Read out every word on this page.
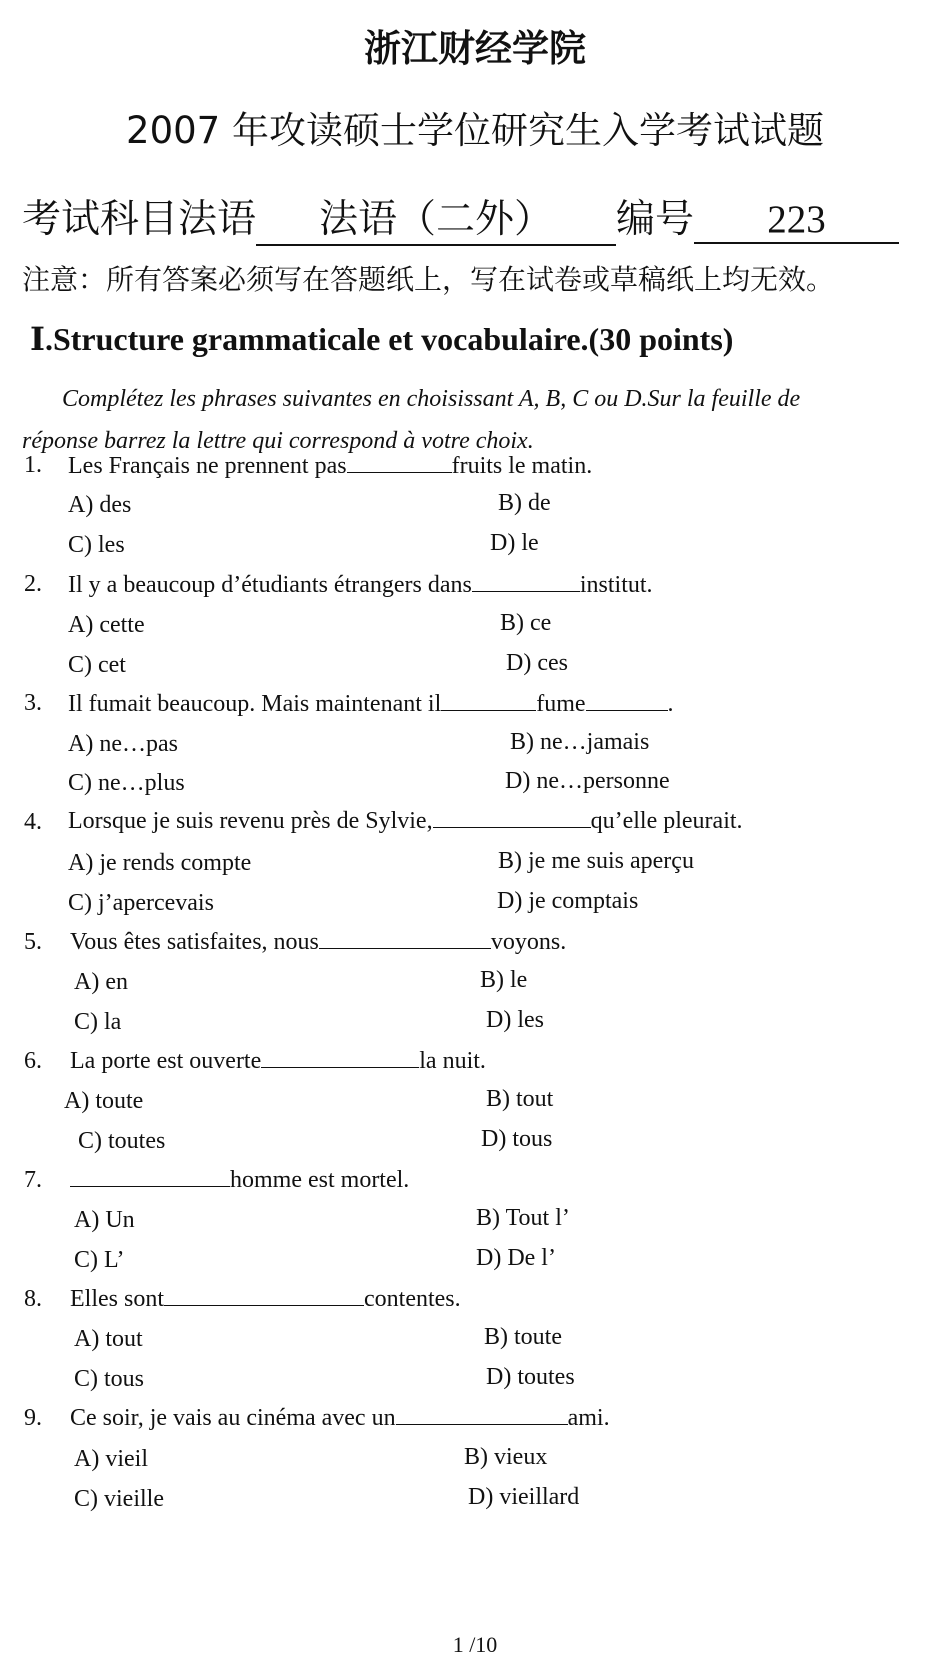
浙江财经学院
2007 年攻读硕士学位研究生入学考试试题
考试科目法语 法语（二外） 编号 223
注意：所有答案必须写在答题纸上，写在试卷或草稿纸上均无效。
Ⅰ.Structure grammaticale et vocabulaire.(30 points)
Complétez les phrases suivantes en choisissant A, B, C ou D.Sur la feuille de
réponse barrez la lettre qui correspond à votre choix.
1. Les Français ne prennent pas	fruits le matin.
A) des	B) de
C) les	D) le
2. Il y a beaucoup d’étudiants étrangers dans	institut.
A) cette	B) ce
C) cet	D) ces
3. Il fumait beaucoup. Mais maintenant il	fume	.
A) ne…pas	B) ne…jamais
C) ne…plus	D) ne…personne
4. Lorsque je suis revenu près de Sylvie,	qu’elle pleurait.
A) je rends compte	B) je me suis aperçu
C) j’apercevais	D) je comptais
5. Vous êtes satisfaites, nous	voyons.
A) en	B) le
C) la	D) les
6. La porte est ouverte	la nuit.
A) toute	B) tout
C) toutes	D) tous
7.	homme est mortel.
A) Un	B) Tout l’
C) L’	D) De l’
8. Elles sont	contentes.
A) tout	B) toute
C) tous	D) toutes
9. Ce soir, je vais au cinéma avec un	ami.
A) vieil	B) vieux
C) vieille	D) vieillard
1 /10
